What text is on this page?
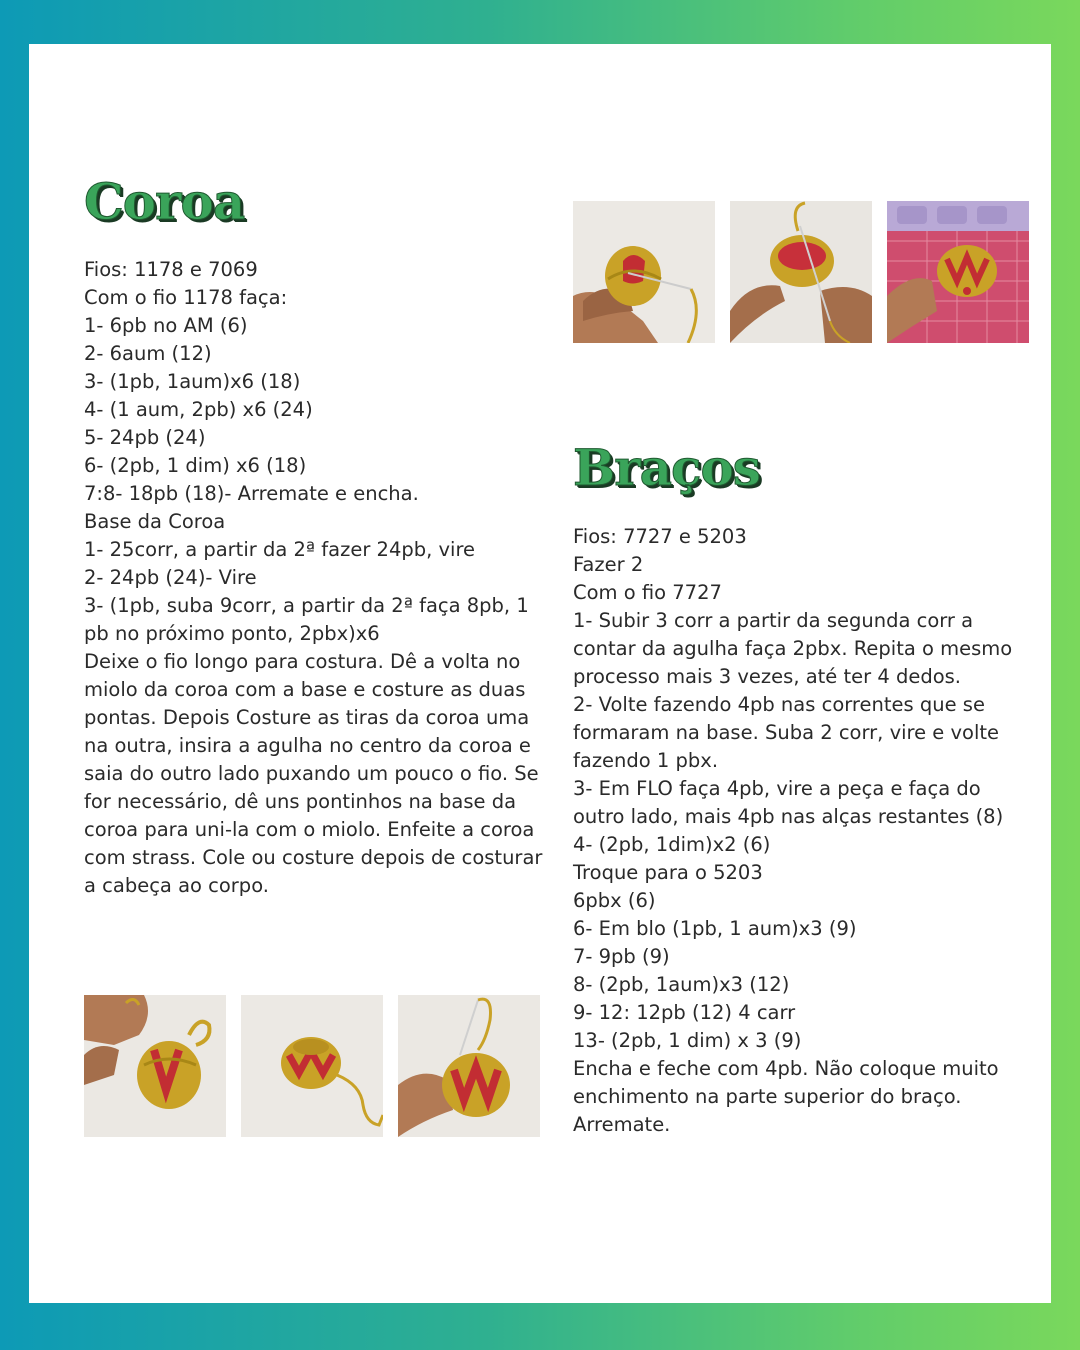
Coroa
Fios: 1178 e 7069
Com o fio 1178 faça:
1- 6pb no AM (6)
2- 6aum (12)
3- (1pb, 1aum)x6 (18)
4- (1 aum, 2pb) x6 (24)
5- 24pb (24)
6- (2pb, 1 dim) x6 (18)
7:8- 18pb (18)- Arremate e encha.
Base da Coroa
1- 25corr, a partir da 2ª fazer 24pb, vire
2- 24pb (24)- Vire

3- (1pb, suba 9corr, a partir da 2ª faça 8pb, 1 pb no próximo ponto, 2pbx)x6

Deixe o fio longo para costura. Dê a volta no miolo da coroa com a base e costure as duas pontas. Depois Costure as tiras da coroa uma na outra, insira a agulha no centro da coroa e saia do outro lado puxando um pouco o fio. Se for necessário, dê uns pontinhos na base da coroa para uni-la com o miolo. Enfeite a coroa com strass. Cole ou costure depois de costurar a cabeça ao corpo.

Braços
Fios: 7727 e 5203
Fazer 2
Com o fio 7727

1- Subir 3 corr a partir da segunda corr a contar da agulha faça 2pbx. Repita o mesmo processo mais 3 vezes, até ter 4 dedos.

2- Volte fazendo 4pb nas correntes que se formaram na base. Suba 2 corr, vire e volte fazendo 1 pbx.

3- Em FLO faça 4pb, vire a peça e faça do outro lado, mais 4pb nas alças restantes (8)

4- (2pb, 1dim)x2 (6)
Troque para o 5203
6pbx (6)
6- Em blo (1pb, 1 aum)x3 (9)
7- 9pb (9)
8- (2pb, 1aum)x3 (12)
9- 12: 12pb (12) 4 carr
13- (2pb, 1 dim) x 3 (9)

Encha e feche com 4pb. Não coloque muito enchimento na parte superior do braço. Arremate.
